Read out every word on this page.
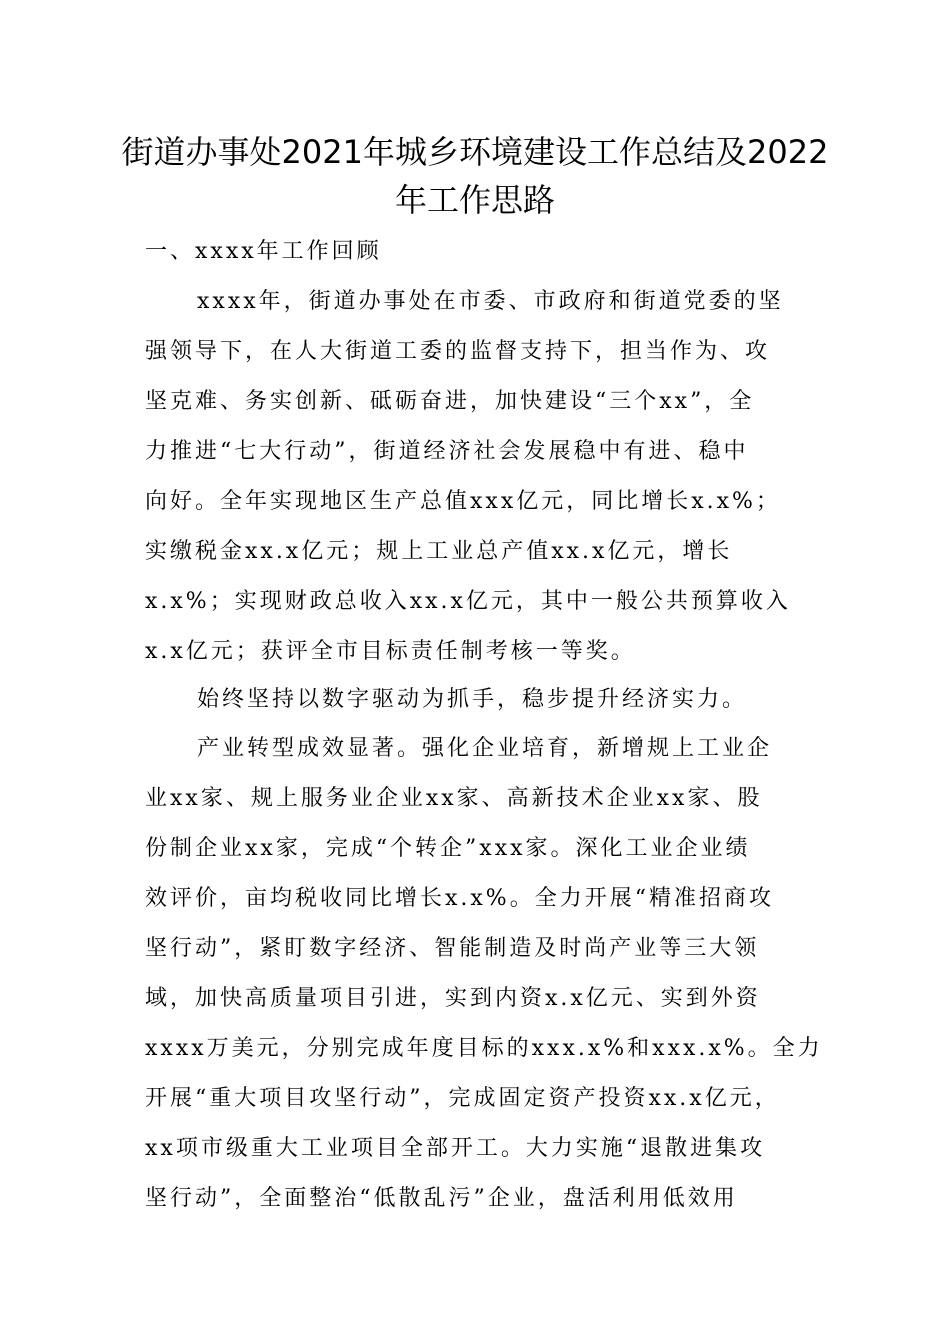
街道办事处2021年城乡环境建设工作总结及2022
年工作思路
一、xxxx年工作回顾
xxxx年，街道办事处在市委、市政府和街道党委的坚
强领导下，在人大街道工委的监督支持下，担当作为、攻
坚克难、务实创新、砥砺奋进，加快建设“三个xx”，全
力推进“七大行动”，街道经济社会发展稳中有进、稳中
向好。全年实现地区生产总值xxx亿元，同比增长x.x%；
实缴税金xx.x亿元；规上工业总产值xx.x亿元，增长
x.x%；实现财政总收入xx.x亿元，其中一般公共预算收入
x.x亿元；获评全市目标责任制考核一等奖。
始终坚持以数字驱动为抓手，稳步提升经济实力。
产业转型成效显著。强化企业培育，新增规上工业企
业xx家、规上服务业企业xx家、高新技术企业xx家、股
份制企业xx家，完成“个转企”xxx家。深化工业企业绩
效评价，亩均税收同比增长x.x%。全力开展“精准招商攻
坚行动”，紧盯数字经济、智能制造及时尚产业等三大领
域，加快高质量项目引进，实到内资x.x亿元、实到外资
xxxx万美元，分别完成年度目标的xxx.x%和xxx.x%。全力
开展“重大项目攻坚行动”，完成固定资产投资xx.x亿元，
xx项市级重大工业项目全部开工。大力实施“退散进集攻
坚行动”，全面整治“低散乱污”企业，盘活利用低效用
